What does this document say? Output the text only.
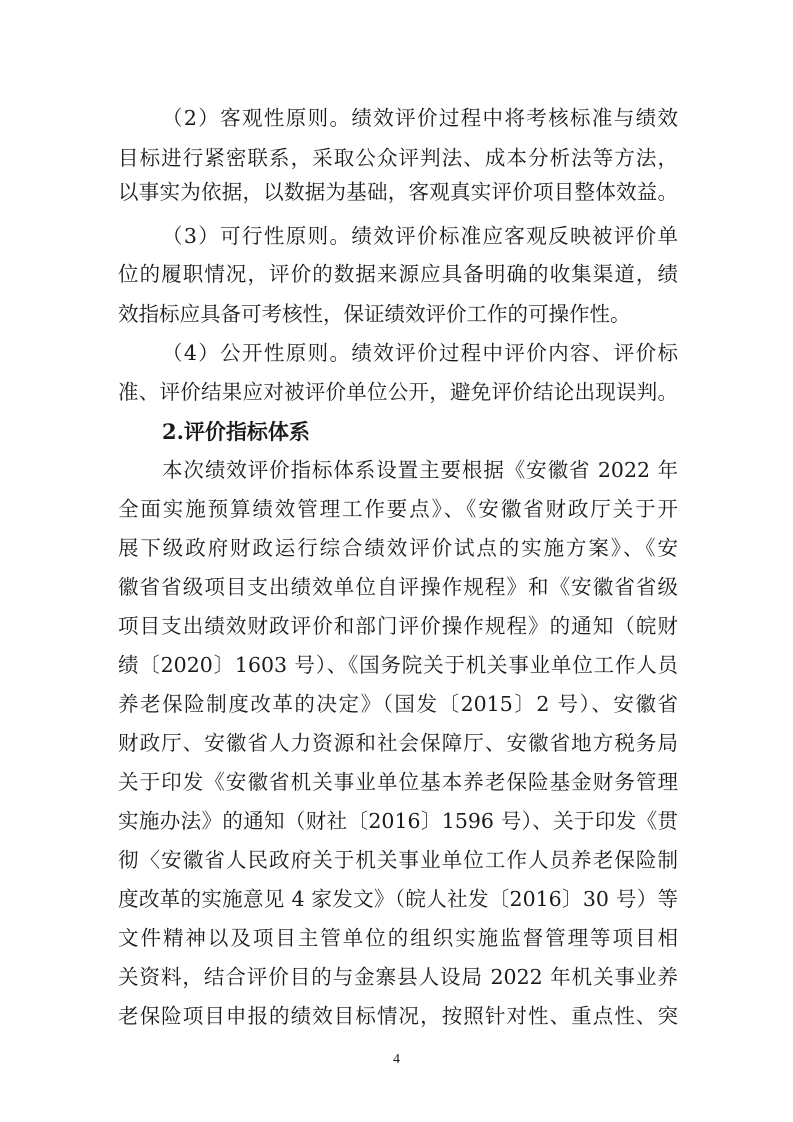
（2）客观性原则。绩效评价过程中将考核标准与绩效
目标进行紧密联系，采取公众评判法、成本分析法等方法，
以事实为依据，以数据为基础，客观真实评价项目整体效益。
（3）可行性原则。绩效评价标准应客观反映被评价单
位的履职情况，评价的数据来源应具备明确的收集渠道，绩
效指标应具备可考核性，保证绩效评价工作的可操作性。
（4）公开性原则。绩效评价过程中评价内容、评价标
准、评价结果应对被评价单位公开，避免评价结论出现误判。
2.评价指标体系
本次绩效评价指标体系设置主要根据《安徽省 2022 年
全面实施预算绩效管理工作要点》、《安徽省财政厅关于开
展下级政府财政运行综合绩效评价试点的实施方案》、《安
徽省省级项目支出绩效单位自评操作规程》和《安徽省省级
项目支出绩效财政评价和部门评价操作规程》的通知（皖财
绩〔2020〕1603 号）、《国务院关于机关事业单位工作人员
养老保险制度改革的决定》（国发〔2015〕2 号）、安徽省
财政厅、安徽省人力资源和社会保障厅、安徽省地方税务局
关于印发《安徽省机关事业单位基本养老保险基金财务管理
实施办法》的通知（财社〔2016〕1596 号）、关于印发《贯
彻〈安徽省人民政府关于机关事业单位工作人员养老保险制
度改革的实施意见 4 家发文》（皖人社发〔2016〕30 号）等
文件精神以及项目主管单位的组织实施监督管理等项目相
关资料，结合评价目的与金寨县人设局 2022 年机关事业养
老保险项目申报的绩效目标情况，按照针对性、重点性、突
4
